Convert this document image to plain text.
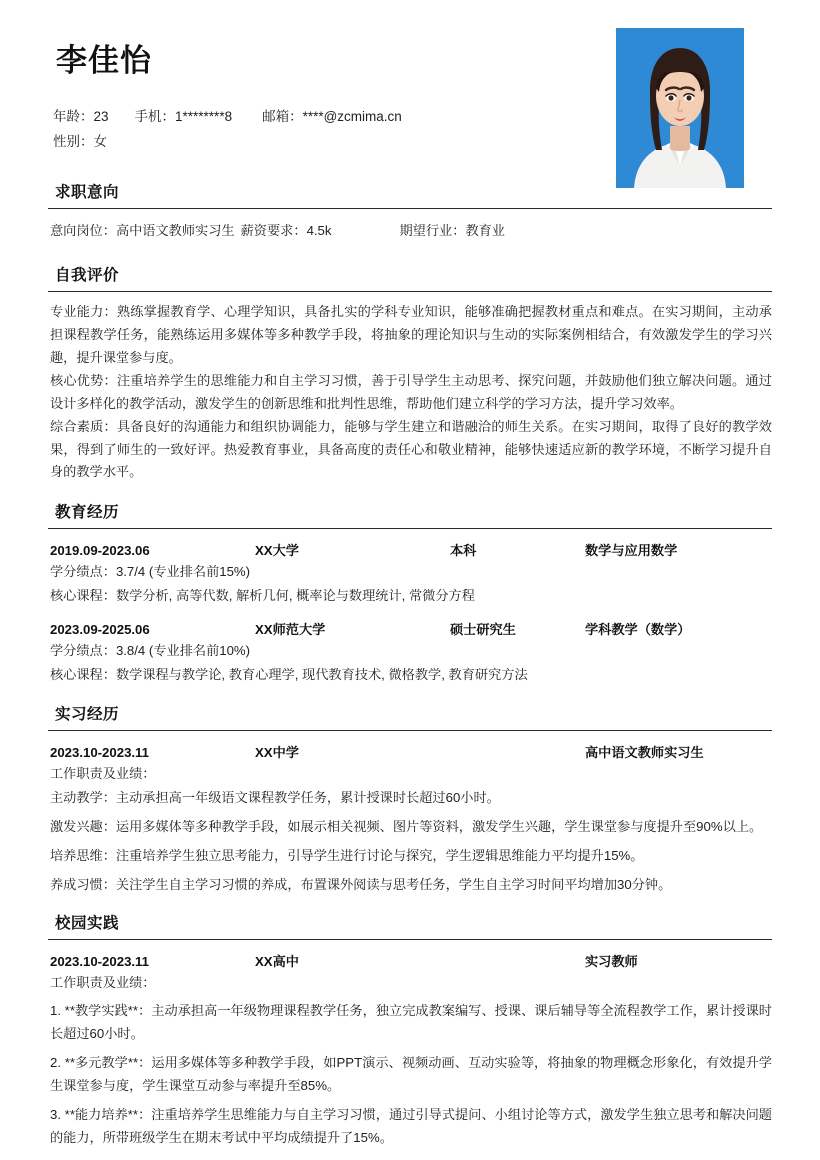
李佳怡
年龄：23 手机：1********8 邮箱：****@zcmima.cn
性别：女
求职意向
意向岗位：高中语文教师实习生 薪资要求：4.5k	期望行业：教育业
自我评价

专业能力：熟练掌握教育学、心理学知识，具备扎实的学科专业知识，能够准确把握教材重点和难点。在实习期间，主动承担课程教学任务，能熟练运用多媒体等多种教学手段，将抽象的理论知识与生动的实际案例相结合，有效激发学生的学习兴趣，提升课堂参与度。

核心优势：注重培养学生的思维能力和自主学习习惯，善于引导学生主动思考、探究问题，并鼓励他们独立解决问题。通过设计多样化的教学活动，激发学生的创新思维和批判性思维，帮助他们建立科学的学习方法，提升学习效率。

综合素质：具备良好的沟通能力和组织协调能力，能够与学生建立和谐融洽的师生关系。在实习期间，取得了良好的教学效果，得到了师生的一致好评。热爱教育事业，具备高度的责任心和敬业精神，能够快速适应新的教学环境，不断学习提升自身的教学水平。

教育经历
2019.09-2023.06	XX大学	本科	数学与应用数学
学分绩点：3.7/4 (专业排名前15%)
核心课程：数学分析, 高等代数, 解析几何, 概率论与数理统计, 常微分方程
2023.09-2025.06	XX师范大学	硕士研究生	学科教学（数学）
学分绩点：3.8/4 (专业排名前10%)
核心课程：数学课程与教学论, 教育心理学, 现代教育技术, 微格教学, 教育研究方法
实习经历
2023.10-2023.11	XX中学	高中语文教师实习生
工作职责及业绩：
主动教学：主动承担高一年级语文课程教学任务，累计授课时长超过60小时。
激发兴趣：运用多媒体等多种教学手段，如展示相关视频、图片等资料，激发学生兴趣，学生课堂参与度提升至90%以上。
培养思维：注重培养学生独立思考能力，引导学生进行讨论与探究，学生逻辑思维能力平均提升15%。
养成习惯：关注学生自主学习习惯的养成，布置课外阅读与思考任务，学生自主学习时间平均增加30分钟。
校园实践
2023.10-2023.11	XX高中	实习教师
工作职责及业绩：
1. **教学实践**：主动承担高一年级物理课程教学任务，独立完成教案编写、授课、课后辅导等全流程教学工作，累计授课时长超过60小时。
2. **多元教学**：运用多媒体等多种教学手段，如PPT演示、视频动画、互动实验等，将抽象的物理概念形象化，有效提升学生课堂参与度，学生课堂互动参与率提升至85%。
3. **能力培养**：注重培养学生思维能力与自主学习习惯，通过引导式提问、小组讨论等方式，激发学生独立思考和解决问题的能力，所带班级学生在期末考试中平均成绩提升了15%。
